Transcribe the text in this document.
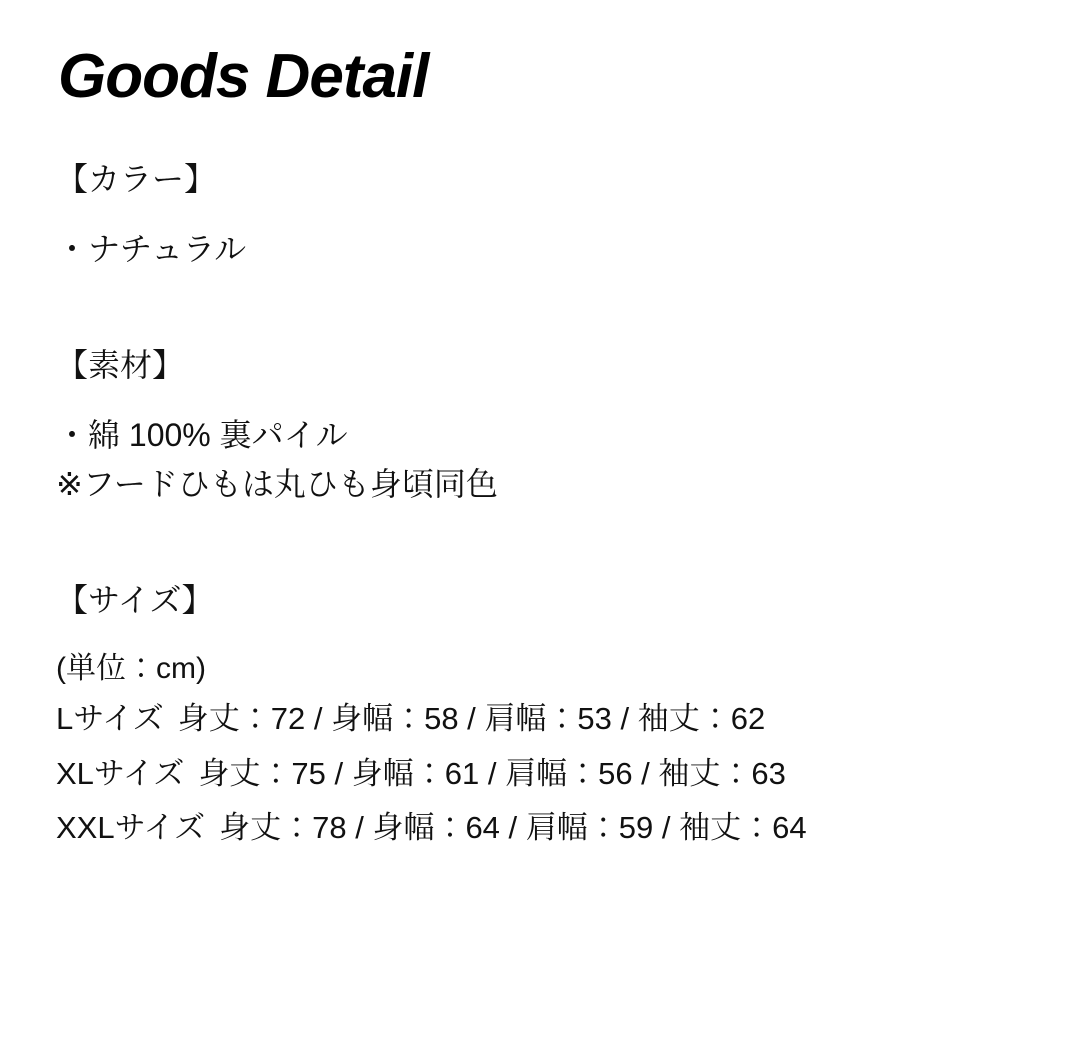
Goods Detail
【カラー】
・ナチュラル
【素材】
・綿 100% 裏パイル
※フードひもは丸ひも身頃同色
【サイズ】
(単位：cm)
Lサイズ 身丈：72 / 身幅：58 / 肩幅：53 / 袖丈：62
XLサイズ 身丈：75 / 身幅：61 / 肩幅：56 / 袖丈：63
XXLサイズ 身丈：78 / 身幅：64 / 肩幅：59 / 袖丈：64
